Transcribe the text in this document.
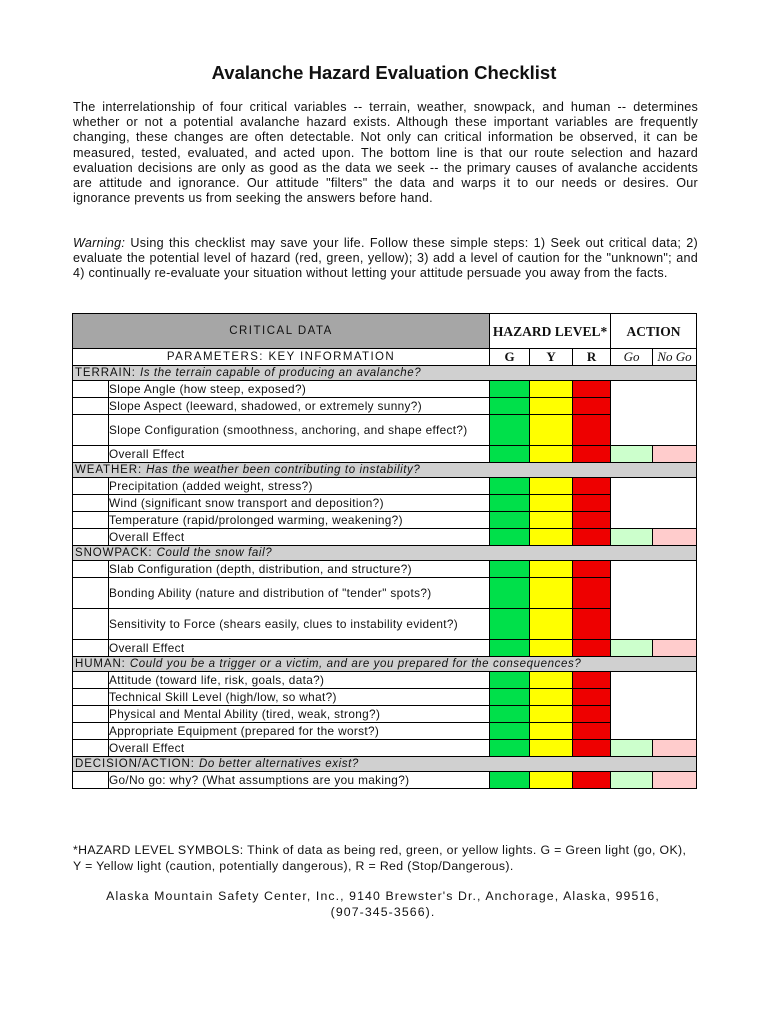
Avalanche Hazard Evaluation Checklist
The interrelationship of four critical variables -- terrain, weather, snowpack, and human -- determines whether or not a potential avalanche hazard exists. Although these important variables are frequently changing, these changes are often detectable. Not only can critical information be observed, it can be measured, tested, evaluated, and acted upon. The bottom line is that our route selection and hazard evaluation decisions are only as good as the data we seek -- the primary causes of avalanche accidents are attitude and ignorance. Our attitude "filters" the data and warps it to our needs or desires. Our ignorance prevents us from seeking the answers before hand.
Warning: Using this checklist may save your life. Follow these simple steps: 1) Seek out critical data; 2) evaluate the potential level of hazard (red, green, yellow); 3) add a level of caution for the "unknown"; and 4) continually re-evaluate your situation without letting your attitude persuade you away from the facts.
CRITICAL DATA		HAZARD LEVEL*			ACTION	
PARAMETERS: KEY INFORMATION		G	Y	R	Go	No Go
TERRAIN: Is the terrain capable of producing an avalanche?						
	Slope Angle (how steep, exposed?)					
	Slope Aspect (leeward, shadowed, or extremely sunny?)					
	Slope Configuration (smoothness, anchoring, and shape effect?)					
	Overall Effect					
WEATHER: Has the weather been contributing to instability?						
	Precipitation (added weight, stress?)					
	Wind (significant snow transport and deposition?)					
	Temperature (rapid/prolonged warming, weakening?)					
	Overall Effect					
SNOWPACK: Could the snow fail?						
	Slab Configuration (depth, distribution, and structure?)					
	Bonding Ability (nature and distribution of "tender" spots?)					
	Sensitivity to Force (shears easily, clues to instability evident?)					
	Overall Effect					
HUMAN: Could you be a trigger or a victim, and are you prepared for the consequences?						
	Attitude (toward life, risk, goals, data?)					
	Technical Skill Level (high/low, so what?)					
	Physical and Mental Ability (tired, weak, strong?)					
	Appropriate Equipment (prepared for the worst?)					
	Overall Effect					
DECISION/ACTION: Do better alternatives exist?						
	Go/No go: why? (What assumptions are you making?)					
*HAZARD LEVEL SYMBOLS: Think of data as being red, green, or yellow lights. G = Green light (go, OK), Y = Yellow light (caution, potentially dangerous), R = Red (Stop/Dangerous).
Alaska Mountain Safety Center, Inc., 9140 Brewster's Dr., Anchorage, Alaska, 99516,
(907-345-3566).
